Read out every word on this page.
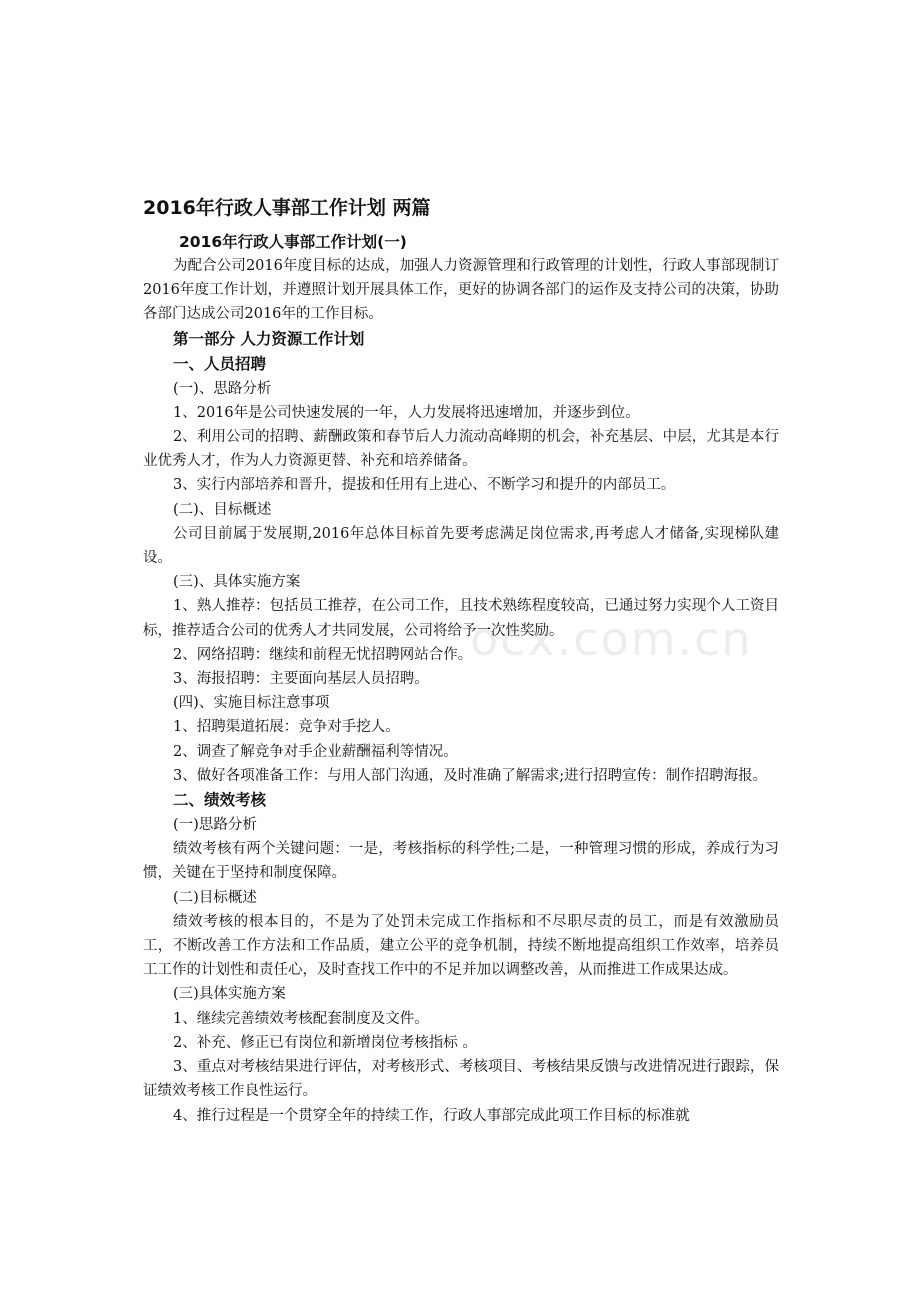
ocx.com.cn
2016年行政人事部工作计划 两篇
2016年行政人事部工作计划(一)

为配合公司2016年度目标的达成，加强人力资源管理和行政管理的计划性，行政人事部现制订2016年度工作计划，并遵照计划开展具体工作，更好的协调各部门的运作及支持公司的决策，协助各部门达成公司2016年的工作目标。

第一部分 人力资源工作计划
一、人员招聘

(一)、思路分析

1、2016年是公司快速发展的一年，人力发展将迅速增加，并逐步到位。

2、利用公司的招聘、薪酬政策和春节后人力流动高峰期的机会，补充基层、中层，尤其是本行业优秀人才，作为人力资源更替、补充和培养储备。

3、实行内部培养和晋升，提拔和任用有上进心、不断学习和提升的内部员工。

(二)、目标概述

公司目前属于发展期,2016年总体目标首先要考虑满足岗位需求,再考虑人才储备,实现梯队建设。

(三)、具体实施方案

1、熟人推荐：包括员工推荐，在公司工作，且技术熟练程度较高，已通过努力实现个人工资目标，推荐适合公司的优秀人才共同发展，公司将给予一次性奖励。

2、网络招聘：继续和前程无忧招聘网站合作。

3、海报招聘：主要面向基层人员招聘。

(四)、实施目标注意事项

1、招聘渠道拓展：竞争对手挖人。

2、调查了解竞争对手企业薪酬福利等情况。

3、做好各项准备工作：与用人部门沟通，及时准确了解需求;进行招聘宣传：制作招聘海报。

二、绩效考核

(一)思路分析

绩效考核有两个关键问题：一是，考核指标的科学性;二是，一种管理习惯的形成，养成行为习惯，关键在于坚持和制度保障。

(二)目标概述

绩效考核的根本目的，不是为了处罚未完成工作指标和不尽职尽责的员工，而是有效激励员工，不断改善工作方法和工作品质，建立公平的竞争机制，持续不断地提高组织工作效率，培养员工工作的计划性和责任心，及时查找工作中的不足并加以调整改善，从而推进工作成果达成。

(三)具体实施方案

1、继续完善绩效考核配套制度及文件。

2、补充、修正已有岗位和新增岗位考核指标 。

3、重点对考核结果进行评估，对考核形式、考核项目、考核结果反馈与改进情况进行跟踪，保证绩效考核工作良性运行。

4、推行过程是一个贯穿全年的持续工作，行政人事部完成此项工作目标的标准就
